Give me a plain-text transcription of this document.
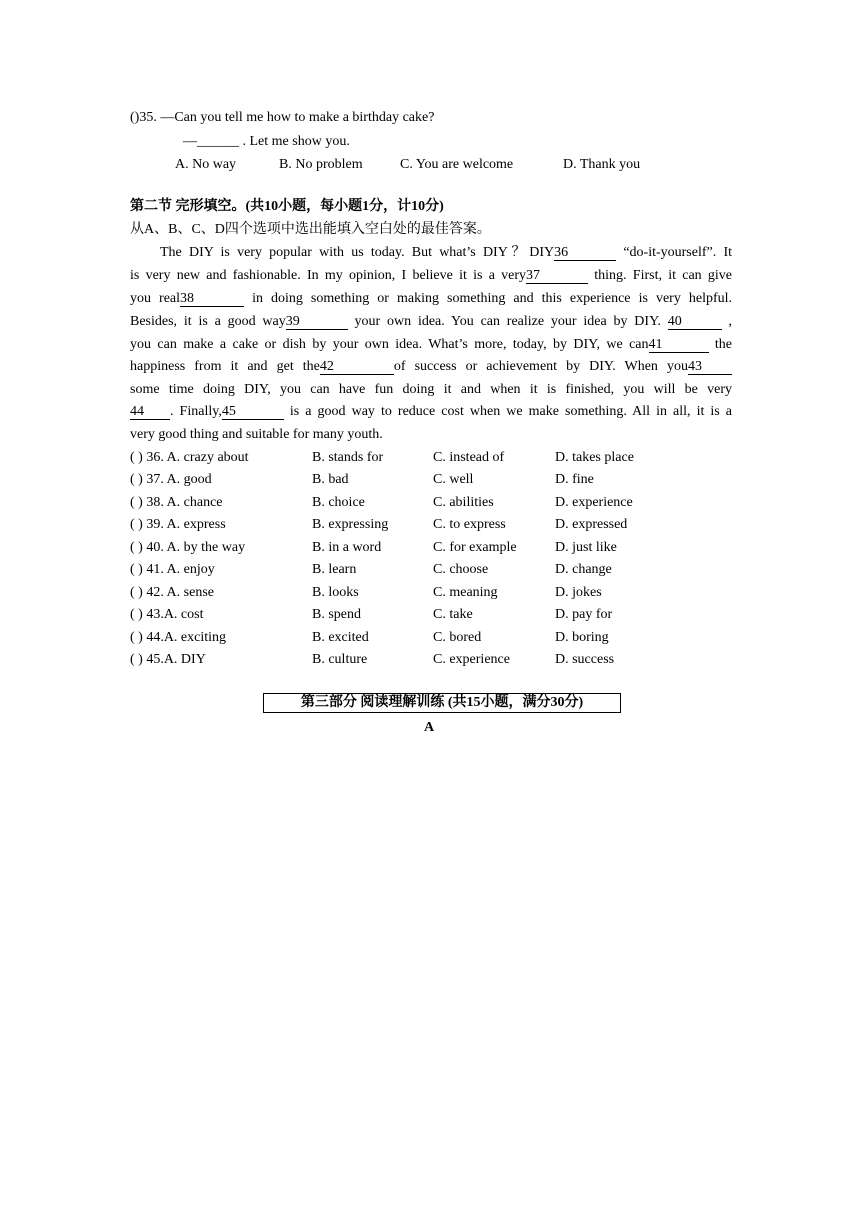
()35. —Can you tell me how to make a birthday cake?
—______ . Let me show you.
A. No way	B. No problem	C. You are welcome	D. Thank you
第二节 完形填空。(共10小题，每小题1分，计10分)
从A、B、C、D四个选项中选出能填入空白处的最佳答案。
The DIY is very popular with us today. But what’s DIY？DIY36	“do-it-yourself”. It
is very new and fashionable. In my opinion, I believe it is a very37	thing. First, it can give
you real38	in doing something or making something and this experience is very helpful.
Besides, it is a good way39	your own idea. You can realize your idea by DIY. 40	,
you can make a cake or dish by your own idea. What’s more, today, by DIY, we can41	the
happiness from it and get the42	of success or achievement by DIY. When you43
some time doing DIY, you can have fun doing it and when it is finished, you will be very
44 . Finally,45	is a good way to reduce cost when we make something. All in all, it is a
very good thing and suitable for many youth.
( ) 36. A. crazy about	B. stands for	C. instead of	D. takes place
( ) 37. A. good	B. bad	C. well	D. fine
( ) 38. A. chance	B. choice	C. abilities	D. experience
( ) 39. A. express	B. expressing	C. to express	D. expressed
( ) 40. A. by the way	B. in a word	C. for example	D. just like
( ) 41. A. enjoy	B. learn	C. choose	D. change
( ) 42. A. sense	B. looks	C. meaning	D. jokes
( ) 43.A. cost	B. spend	C. take	D. pay for
( ) 44.A. exciting	B. excited	C. bored	D. boring
( ) 45.A. DIY	B. culture	C. experience	D. success
第三部分 阅读理解训练 (共15小题，满分30分)
A
